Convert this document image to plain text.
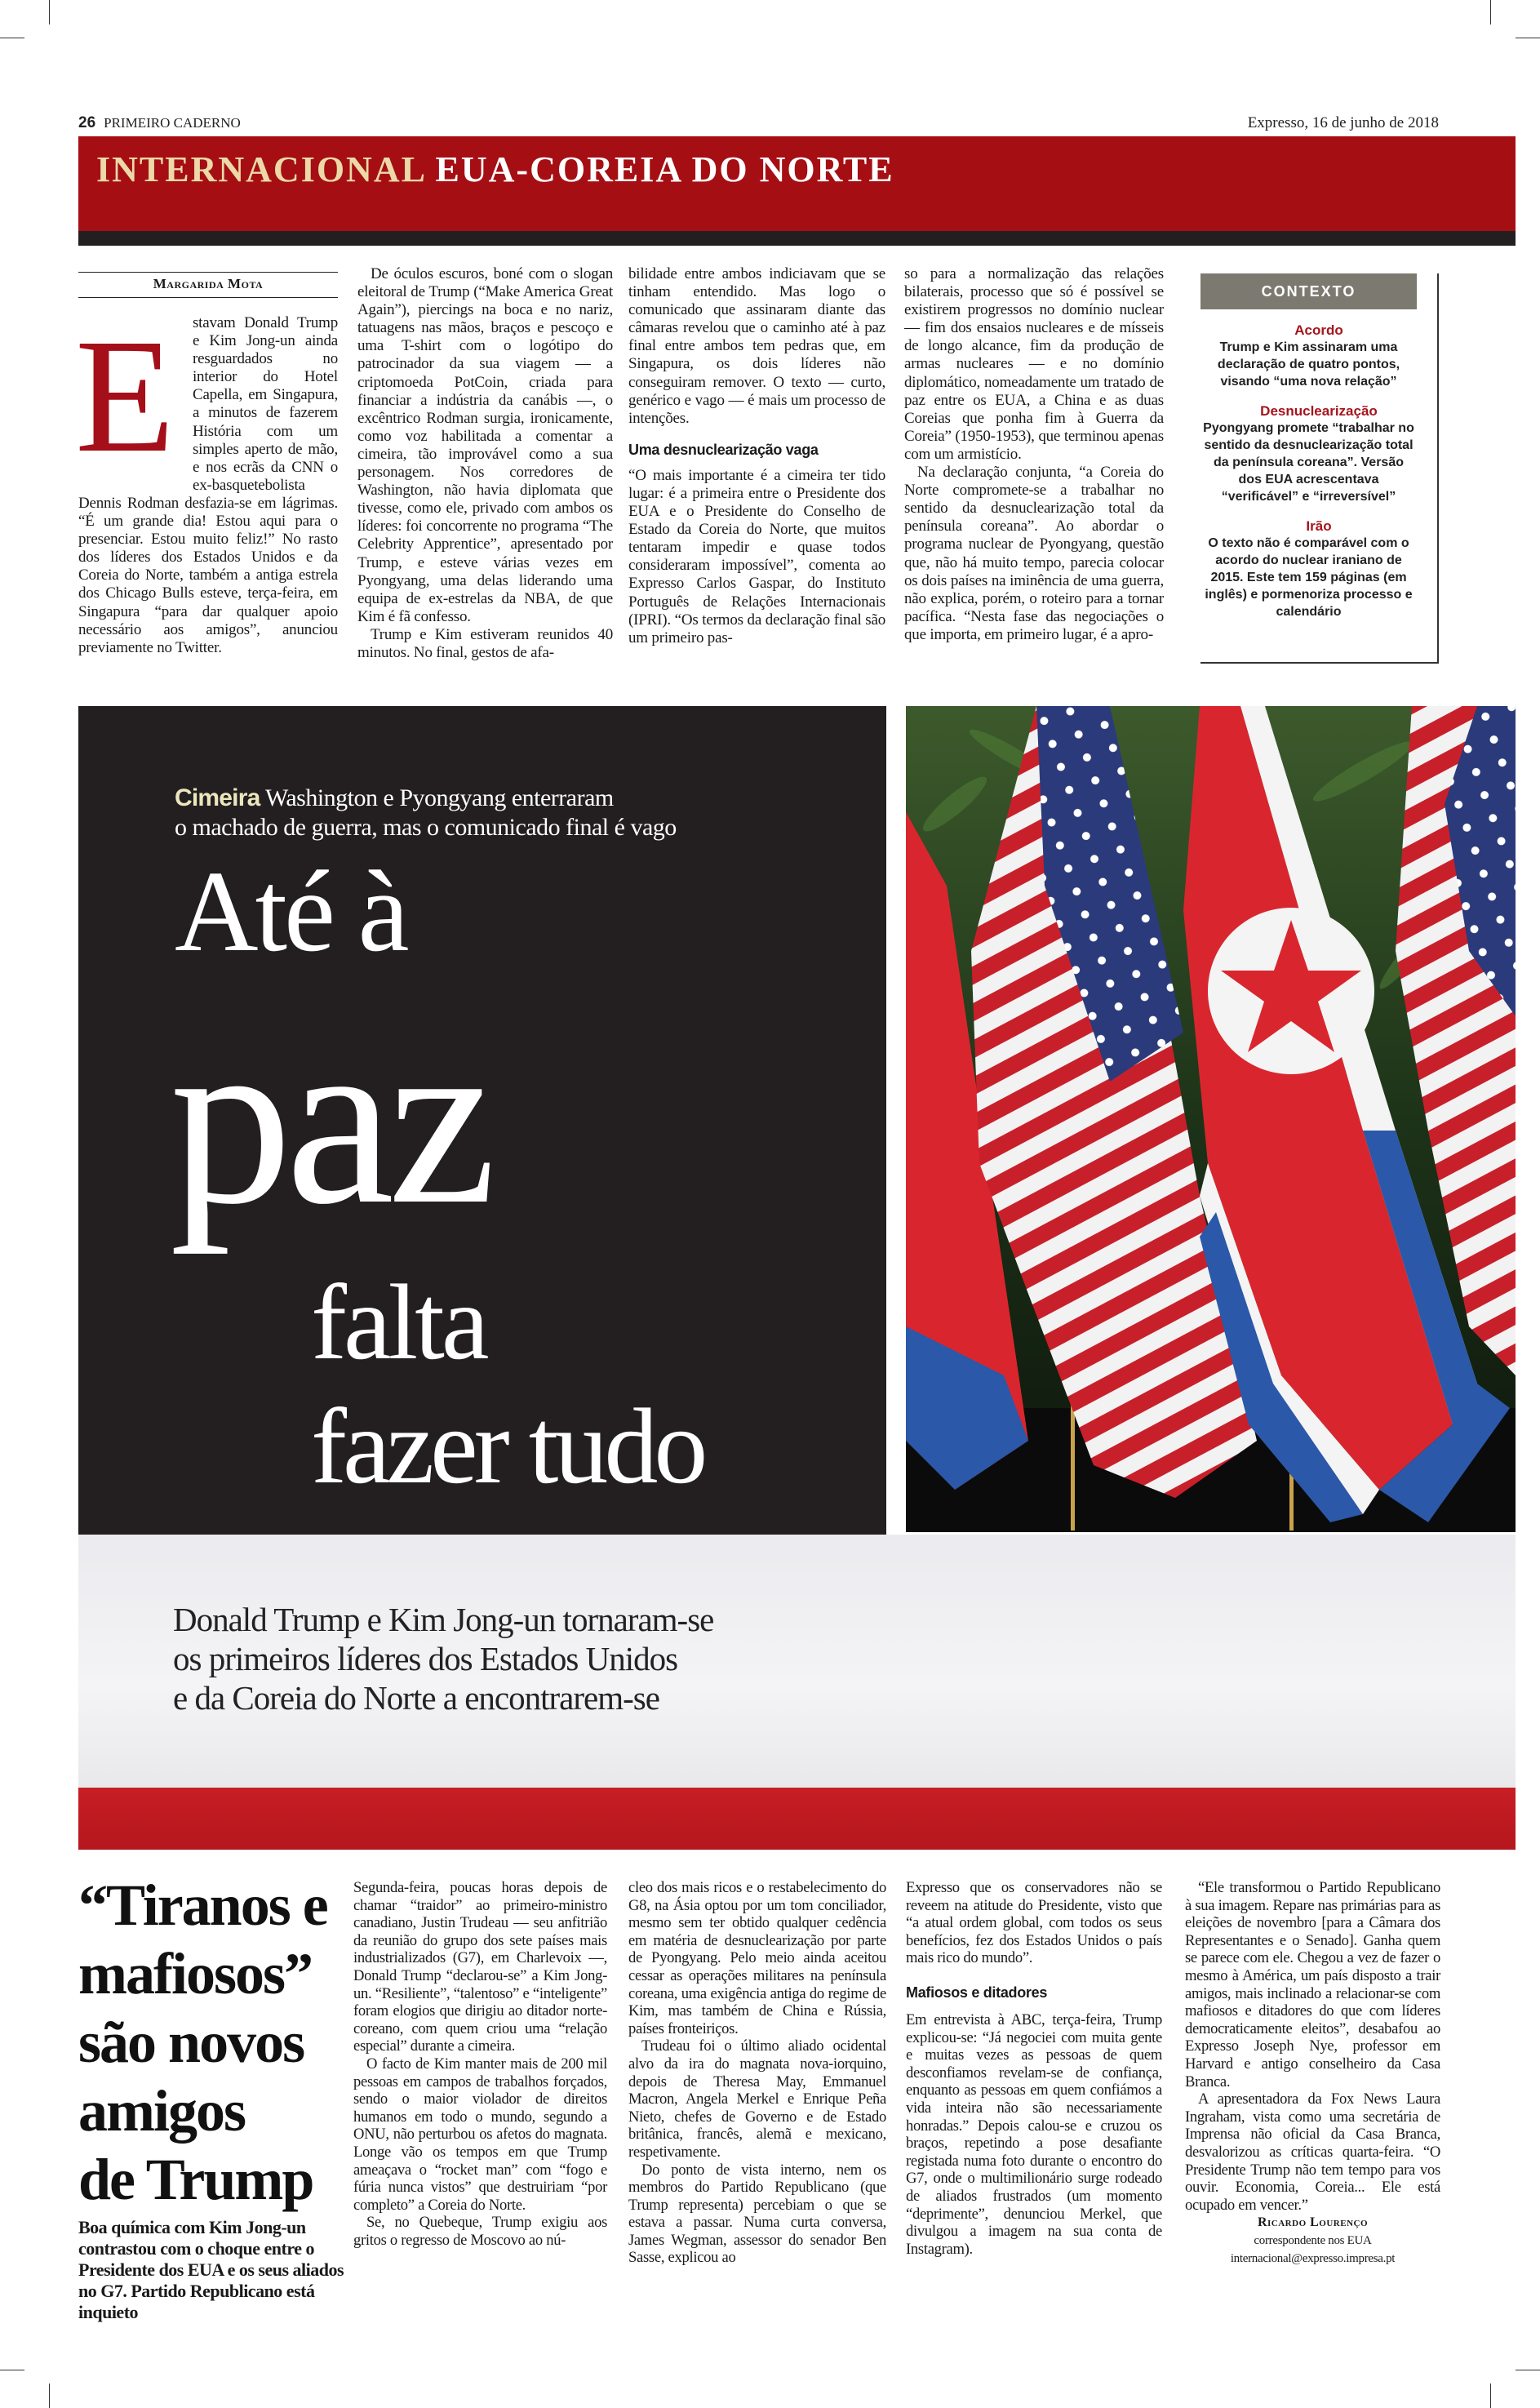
26 PRIMEIRO CADERNO	Expresso, 16 de junho de 2018
INTERNACIONAL EUA-COREIA DO NORTE
Margarida Mota
E	stavam Donald Trump e Kim Jong-un ainda resguardados no interior do Hotel Capella, em Singapura, a minutos de fazerem História com um simples aperto de mão, e nos ecrãs da CNN o ex-basquetebolista Dennis Rodman desfazia-se em lágrimas. “É um grande dia! Estou aqui para o presenciar. Estou muito feliz!” No rasto dos líderes dos Estados Unidos e da Coreia do Norte, também a antiga estrela dos Chicago Bulls esteve, terça-feira, em Singapura “para dar qualquer apoio necessário aos amigos”, anunciou previamente no Twitter.

De óculos escuros, boné com o slogan eleitoral de Trump (“Make America Great Again”), piercings na boca e no nariz, tatuagens nas mãos, braços e pescoço e uma T-shirt com o logótipo do patrocinador da sua viagem — a criptomoeda PotCoin, criada para financiar a indústria da canábis —, o excêntrico Rodman surgia, ironicamente, como voz habilitada a comentar a cimeira, tão improvável como a sua personagem. Nos corredores de Washington, não havia diplomata que tivesse, como ele, privado com ambos os líderes: foi concorrente no programa “The Celebrity Apprentice”, apresentado por Trump, e esteve várias vezes em Pyongyang, uma delas liderando uma equipa de ex-estrelas da NBA, de que Kim é fã confesso.

Trump e Kim estiveram reunidos 40 minutos. No final, gestos de afa-

bilidade entre ambos indiciavam que se tinham entendido. Mas logo o comunicado que assinaram diante das câmaras revelou que o caminho até à paz final entre ambos tem pedras que, em Singapura, os dois líderes não conseguiram remover. O texto — curto, genérico e vago — é mais um processo de intenções.

Uma desnuclearização vaga

“O mais importante é a cimeira ter tido lugar: é a primeira entre o Presidente dos EUA e o Presidente do Conselho de Estado da Coreia do Norte, que muitos tentaram impedir e quase todos consideraram impossível”, comenta ao Expresso Carlos Gaspar, do Instituto Português de Relações Internacionais (IPRI). “Os termos da declaração final são um primeiro pas-

so para a normalização das relações bilaterais, processo que só é possível se existirem progressos no domínio nuclear — fim dos ensaios nucleares e de mísseis de longo alcance, fim da produção de armas nucleares — e no domínio diplomático, nomeadamente um tratado de paz entre os EUA, a China e as duas Coreias que ponha fim à Guerra da Coreia” (1950-1953), que terminou apenas com um armistício.

Na declaração conjunta, “a Coreia do Norte compromete-se a trabalhar no sentido da desnuclearização total da península coreana”. Ao abordar o programa nuclear de Pyongyang, questão que, não há muito tempo, parecia colocar os dois países na iminência de uma guerra, não explica, porém, o roteiro para a tornar pacífica. “Nesta fase das negociações o que importa, em primeiro lugar, é a apro-

CONTEXTO
Acordo
Trump e Kim assinaram uma declaração de quatro pontos, visando “uma nova relação”
Desnuclearização
Pyongyang promete “trabalhar no sentido da desnuclearização total da península coreana”. Versão dos EUA acrescentava “verificável” e “irreversível”
Irão
O texto não é comparável com o acordo do nuclear iraniano de 2015. Este tem 159 páginas (em inglês) e pormenoriza processo e calendário
Cimeira Washington e Pyongyang enterraram
o machado de guerra, mas o comunicado final é vago
Até à
paz
falta
fazer tudo
Donald Trump e Kim Jong-un tornaram-se
os primeiros líderes dos Estados Unidos
e da Coreia do Norte a encontrarem-se
“Tiranos e
mafiosos”
são novos
amigos
de Trump
Boa química com Kim Jong-un contrastou com o choque entre o Presidente dos EUA e os seus aliados no G7. Partido Republicano está inquieto

Segunda-feira, poucas horas depois de chamar “traidor” ao primeiro-ministro canadiano, Justin Trudeau — seu anfitrião da reunião do grupo dos sete países mais industrializados (G7), em Charlevoix —, Donald Trump “declarou-se” a Kim Jong-un. “Resiliente”, “talentoso” e “inteligente” foram elogios que dirigiu ao ditador norte-coreano, com quem criou uma “relação especial” durante a cimeira.

O facto de Kim manter mais de 200 mil pessoas em campos de trabalhos forçados, sendo o maior violador de direitos humanos em todo o mundo, segundo a ONU, não perturbou os afetos do magnata. Longe vão os tempos em que Trump ameaçava o “rocket man” com “fogo e fúria nunca vistos” que destruiriam “por completo” a Coreia do Norte.

Se, no Quebeque, Trump exigiu aos gritos o regresso de Moscovo ao nú-

cleo dos mais ricos e o restabelecimento do G8, na Ásia optou por um tom conciliador, mesmo sem ter obtido qualquer cedência em matéria de desnuclearização por parte de Pyongyang. Pelo meio ainda aceitou cessar as operações militares na península coreana, uma exigência antiga do regime de Kim, mas também de China e Rússia, países fronteiriços.

Trudeau foi o último aliado ocidental alvo da ira do magnata nova-iorquino, depois de Theresa May, Emmanuel Macron, Angela Merkel e Enrique Peña Nieto, chefes de Governo e de Estado britânica, francês, alemã e mexicano, respetivamente.

Do ponto de vista interno, nem os membros do Partido Republicano (que Trump representa) percebiam o que se estava a passar. Numa curta conversa, James Wegman, assessor do senador Ben Sasse, explicou ao

Expresso que os conservadores não se reveem na atitude do Presidente, visto que “a atual ordem global, com todos os seus benefícios, fez dos Estados Unidos o país mais rico do mundo”.

Mafiosos e ditadores

Em entrevista à ABC, terça-feira, Trump explicou-se: “Já negociei com muita gente e muitas vezes as pessoas de quem desconfiamos revelam-se de confiança, enquanto as pessoas em quem confiámos a vida inteira não são necessariamente honradas.” Depois calou-se e cruzou os braços, repetindo a pose desafiante registada numa foto durante o encontro do G7, onde o multimilionário surge rodeado de aliados frustrados (um momento “deprimente”, denunciou Merkel, que divulgou a imagem na sua conta de Instagram).

“Ele transformou o Partido Republicano à sua imagem. Repare nas primárias para as eleições de novembro [para a Câmara dos Representantes e o Senado]. Ganha quem se parece com ele. Chegou a vez de fazer o mesmo à América, um país disposto a trair amigos, mais inclinado a relacionar-se com mafiosos e ditadores do que com líderes democraticamente eleitos”, desabafou ao Expresso Joseph Nye, professor em Harvard e antigo conselheiro da Casa Branca.

A apresentadora da Fox News Laura Ingraham, vista como uma secretária de Imprensa não oficial da Casa Branca, desvalorizou as críticas quarta-feira. “O Presidente Trump não tem tempo para vos ouvir. Economia, Coreia... Ele está ocupado em vencer.”

Ricardo Lourenço
correspondente nos EUA
internacional@expresso.impresa.pt
